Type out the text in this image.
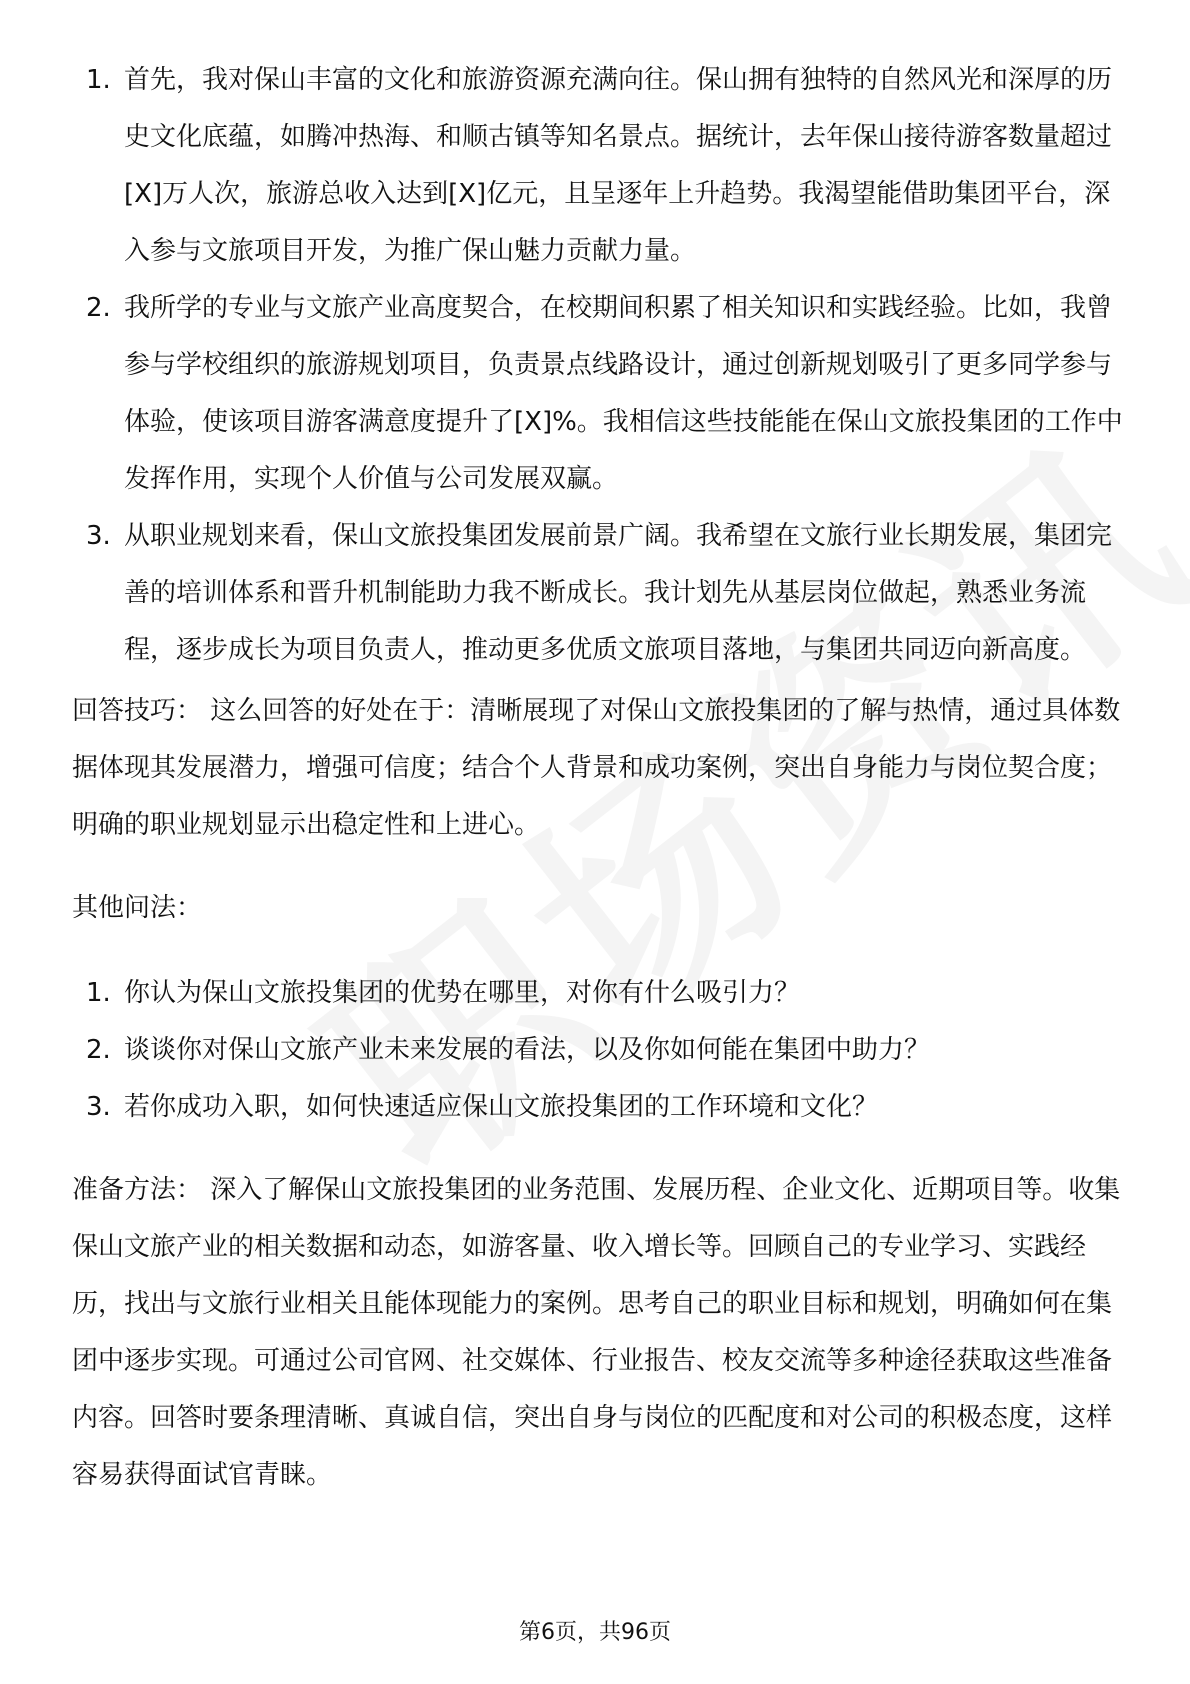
1. 首先，我对保山丰富的文化和旅游资源充满向往。保山拥有独特的自然风光和深厚的历史文化底蕴，如腾冲热海、和顺古镇等知名景点。据统计，去年保山接待游客数量超过[X]万人次，旅游总收入达到[X]亿元，且呈逐年上升趋势。我渴望能借助集团平台，深入参与文旅项目开发，为推广保山魅力贡献力量。
2. 我所学的专业与文旅产业高度契合，在校期间积累了相关知识和实践经验。比如，我曾参与学校组织的旅游规划项目，负责景点线路设计，通过创新规划吸引了更多同学参与体验，使该项目游客满意度提升了[X]%。我相信这些技能能在保山文旅投集团的工作中发挥作用，实现个人价值与公司发展双赢。
3. 从职业规划来看，保山文旅投集团发展前景广阔。我希望在文旅行业长期发展，集团完善的培训体系和晋升机制能助力我不断成长。我计划先从基层岗位做起，熟悉业务流程，逐步成长为项目负责人，推动更多优质文旅项目落地，与集团共同迈向新高度。

回答技巧： 这么回答的好处在于：清晰展现了对保山文旅投集团的了解与热情，通过具体数据体现其发展潜力，增强可信度；结合个人背景和成功案例，突出自身能力与岗位契合度；明确的职业规划显示出稳定性和上进心。

其他问法：

1. 你认为保山文旅投集团的优势在哪里，对你有什么吸引力？
2. 谈谈你对保山文旅产业未来发展的看法，以及你如何能在集团中助力？
3. 若你成功入职，如何快速适应保山文旅投集团的工作环境和文化？

准备方法： 深入了解保山文旅投集团的业务范围、发展历程、企业文化、近期项目等。收集保山文旅产业的相关数据和动态，如游客量、收入增长等。回顾自己的专业学习、实践经历，找出与文旅行业相关且能体现能力的案例。思考自己的职业目标和规划，明确如何在集团中逐步实现。可通过公司官网、社交媒体、行业报告、校友交流等多种途径获取这些准备内容。回答时要条理清晰、真诚自信，突出自身与岗位的匹配度和对公司的积极态度，这样容易获得面试官青睐。

第6页，共96页
